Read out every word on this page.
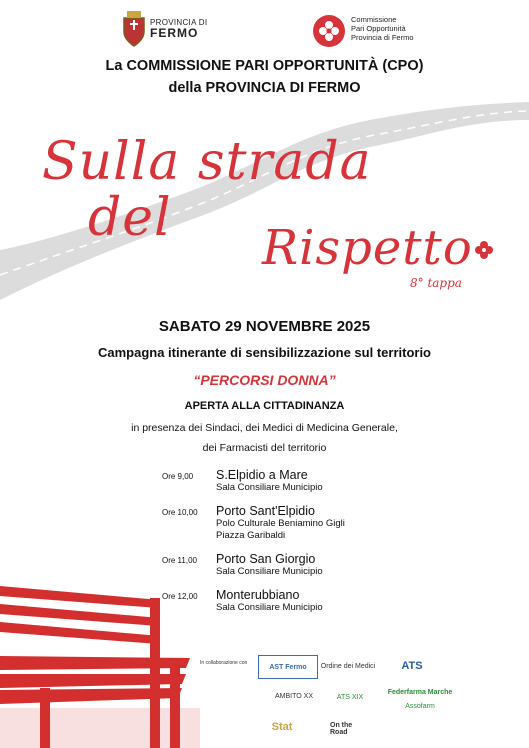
PROVINCIA DI
FERMO
Commissione
Pari Opportunità
Provincia di Fermo
La COMMISSIONE PARI OPPORTUNITÀ (CPO)
della PROVINCIA DI FERMO
Sulla strada
del Rispetto
8° tappa
SABATO 29 NOVEMBRE 2025
Campagna itinerante di sensibilizzazione sul territorio
“PERCORSI DONNA”
APERTA ALLA CITTADINANZA
in presenza dei Sindaci, dei Medici di Medicina Generale,
dei Farmacisti del territorio
Ore 9,00	S.Elpidio a Mare
Sala Consiliare Municipio
Ore 10,00	Porto Sant'Elpidio
Polo Culturale Beniamino Gigli
Piazza Garibaldi
Ore 11,00	Porto San Giorgio
Sala Consiliare Municipio
Ore 12,00	Monterubbiano
Sala Consiliare Municipio
In collaborazione con
AST Fermo	Ordine dei Medici	ATS
AMBITO XX	ATS XIX
Federfarma Marche
Assofarm
Stat	On the Road
